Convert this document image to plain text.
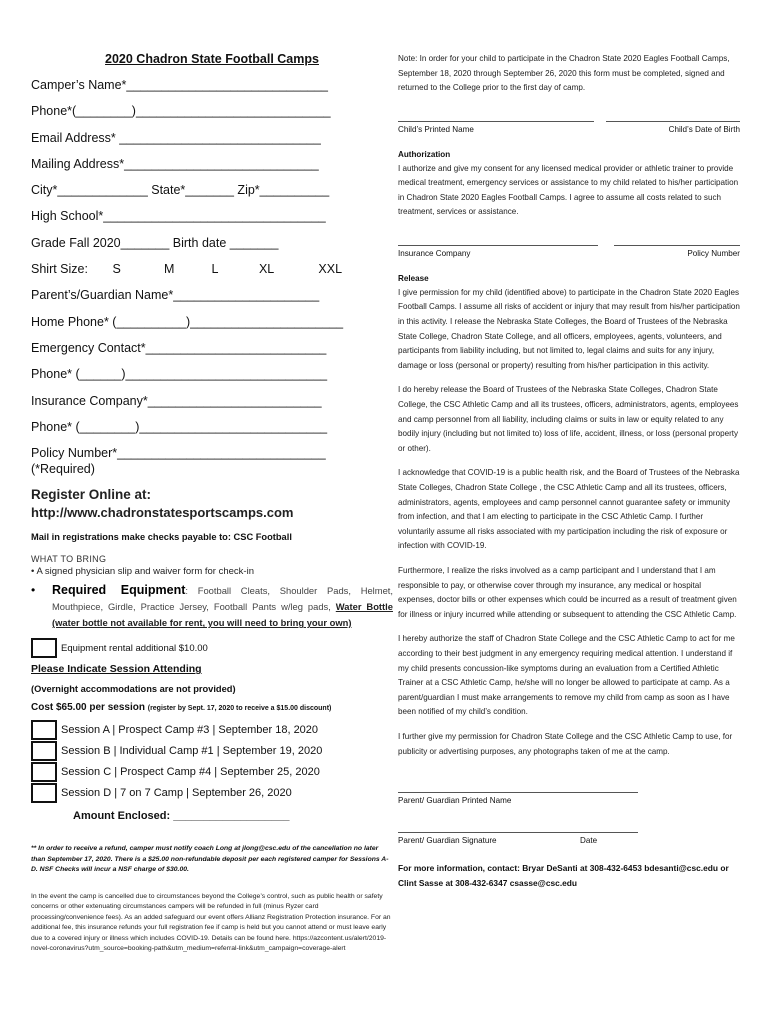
2020 Chadron State Football Camps
Camper’s Name*_____________________________
Phone*(________)____________________________
Email Address* _____________________________
Mailing Address*____________________________
City*_____________ State*_______ Zip*__________
High School*________________________________
Grade Fall 2020_______ Birth date _______
Shirt Size: S	M	L	XL	XXL
Parent’s/Guardian Name*_____________________
Home Phone* (__________)______________________
Emergency Contact*__________________________
Phone* (______)_____________________________
Insurance Company*_________________________
Phone* (________)___________________________
Policy Number*______________________________
(*Required)
Register Online at:
http://www.chadronstatesportscamps.com
Mail in registrations make checks payable to: CSC Football
WHAT TO BRING
• A signed physician slip and waiver form for check-in
• Required Equipment: Football Cleats, Shoulder Pads, Helmet, Mouthpiece, Girdle, Practice Jersey, Football Pants w/leg pads, Water Bottle (water bottle not available for rent, you will need to bring your own)
Equipment rental additional $10.00
Please Indicate Session Attending
(Overnight accommodations are not provided)
Cost $65.00 per session (register by Sept. 17, 2020 to receive a $15.00 discount)
Session A | Prospect Camp #3 | September 18, 2020
Session B | Individual Camp #1 | September 19, 2020
Session C | Prospect Camp #4 | September 25, 2020
Session D | 7 on 7 Camp | September 26, 2020
Amount Enclosed: ___________________
** In order to receive a refund, camper must notify coach Long at jlong@csc.edu of the cancellation no later than September 17, 2020. There is a $25.00 non-refundable deposit per each registered camper for Sessions A-D. NSF Checks will incur a NSF charge of $30.00.
In the event the camp is cancelled due to circumstances beyond the College’s control, such as public health or safety concerns or other extenuating circumstances campers will be refunded in full (minus Ryzer card processing/convenience fees). As an added safeguard our event offers Allianz Registration Protection insurance. For an additional fee, this insurance refunds your full registration fee if camp is held but you cannot attend or must leave early due to a covered injury or illness which includes COVID-19. Details can be found here. https://azcontent.us/alert/2019-novel-coronavirus?utm_source=booking-path&utm_medium=referral-link&utm_campaign=coverage-alert
Note: In order for your child to participate in the Chadron State 2020 Eagles Football Camps, September 18, 2020 through September 26, 2020 this form must be completed, signed and returned to the College prior to the first day of camp.
Child’s Printed Name	Child’s Date of Birth
Authorization
I authorize and give my consent for any licensed medical provider or athletic trainer to provide medical treatment, emergency services or assistance to my child related to his/her participation in Chadron State 2020 Eagles Football Camps. I agree to assume all costs related to such treatment, services or assistance.
Insurance Company	Policy Number
Release
I give permission for my child (identified above) to participate in the Chadron State 2020 Eagles Football Camps. I assume all risks of accident or injury that may result from his/her participation in this activity. I release the Nebraska State Colleges, the Board of Trustees of the Nebraska State College, Chadron State College, and all officers, employees, agents, volunteers, and participants from liability including, but not limited to, legal claims and suits for any injury, damage or loss (personal or property) resulting from his/her participation in this activity.
I do hereby release the Board of Trustees of the Nebraska State Colleges, Chadron State College, the CSC Athletic Camp and all its trustees, officers, administrators, agents, employees and camp personnel from all liability, including claims or suits in law or equity related to any bodily injury (including but not limited to) loss of life, accident, illness, or loss (personal property or other).
I acknowledge that COVID-19 is a public health risk, and the Board of Trustees of the Nebraska State Colleges, Chadron State College , the CSC Athletic Camp and all its trustees, officers, administrators, agents, employees and camp personnel cannot guarantee safety or immunity from infection, and that I am electing to participate in the CSC Athletic Camp. I further voluntarily assume all risks associated with my participation including the risk of exposure or infection with COVID-19.
Furthermore, I realize the risks involved as a camp participant and I understand that I am responsible to pay, or otherwise cover through my insurance, any medical or hospital expenses, doctor bills or other expenses which could be incurred as a result of treatment given for illness or injury incurred while attending or subsequent to attending the CSC Athletic Camp.
I hereby authorize the staff of Chadron State College and the CSC Athletic Camp to act for me according to their best judgment in any emergency requiring medical attention. I understand if my child presents concussion-like symptoms during an evaluation from a Certified Athletic Trainer at a CSC Athletic Camp, he/she will no longer be allowed to participate at camp. As a parent/guardian I must make arrangements to remove my child from camp as soon as I have been notified of my child’s condition.
I further give my permission for Chadron State College and the CSC Athletic Camp to use, for publicity or advertising purposes, any photographs taken of me at the camp.
Parent/ Guardian Printed Name
Parent/ Guardian Signature	Date
For more information, contact: Bryar DeSanti at 308-432-6453 bdesanti@csc.edu or Clint Sasse at 308-432-6347 csasse@csc.edu
